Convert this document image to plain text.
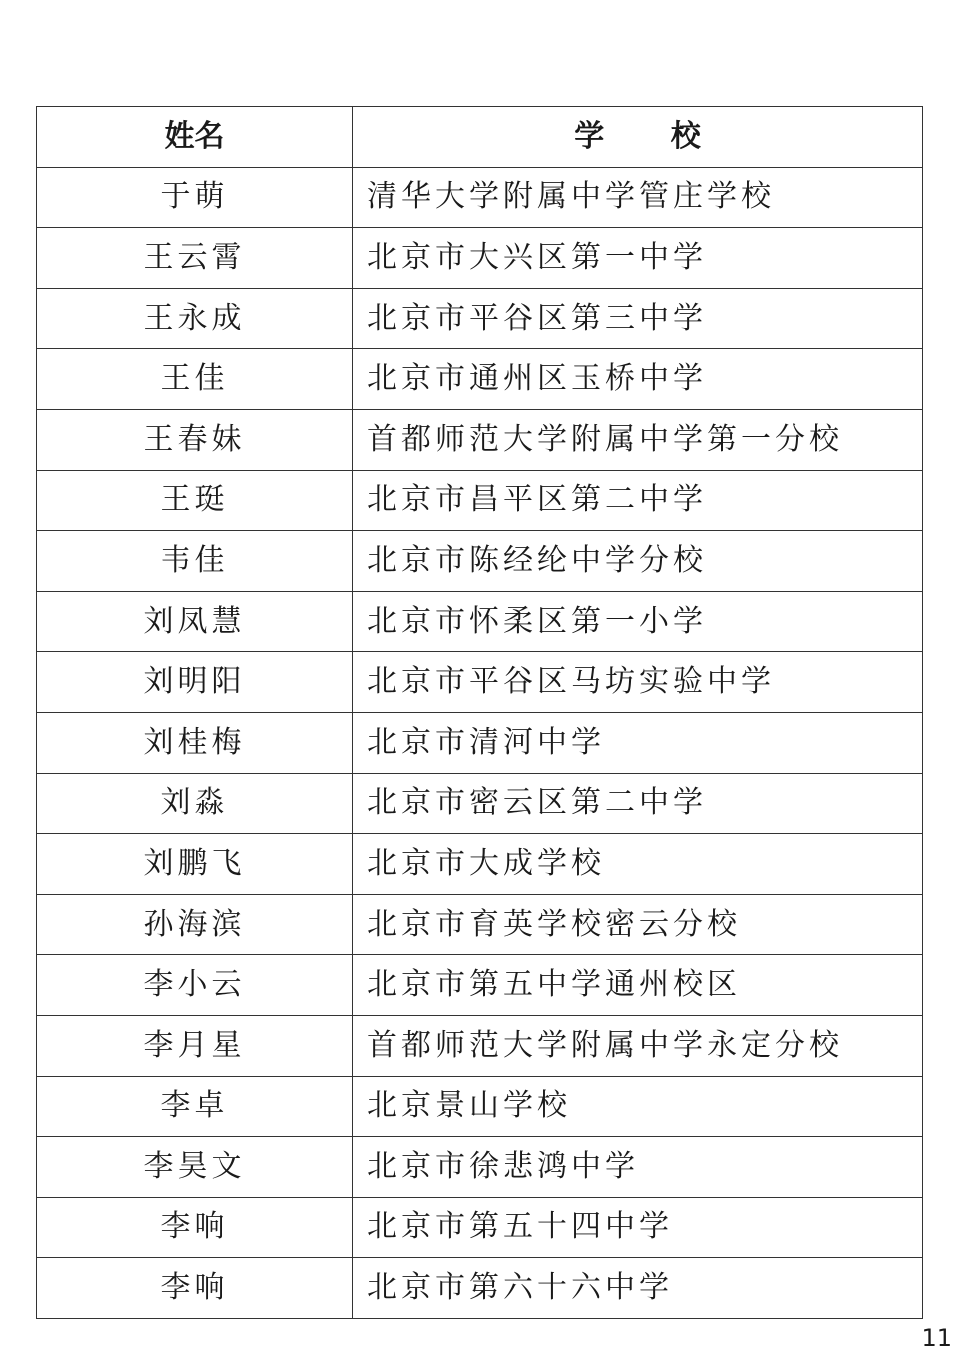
姓名	学 校
于萌	清华大学附属中学管庄学校
王云霄	北京市大兴区第一中学
王永成	北京市平谷区第三中学
王佳	北京市通州区玉桥中学
王春妹	首都师范大学附属中学第一分校
王珽	北京市昌平区第二中学
韦佳	北京市陈经纶中学分校
刘凤慧	北京市怀柔区第一小学
刘明阳	北京市平谷区马坊实验中学
刘桂梅	北京市清河中学
刘淼	北京市密云区第二中学
刘鹏飞	北京市大成学校
孙海滨	北京市育英学校密云分校
李小云	北京市第五中学通州校区
李月星	首都师范大学附属中学永定分校
李卓	北京景山学校
李昊文	北京市徐悲鸿中学
李响	北京市第五十四中学
李响	北京市第六十六中学
11
